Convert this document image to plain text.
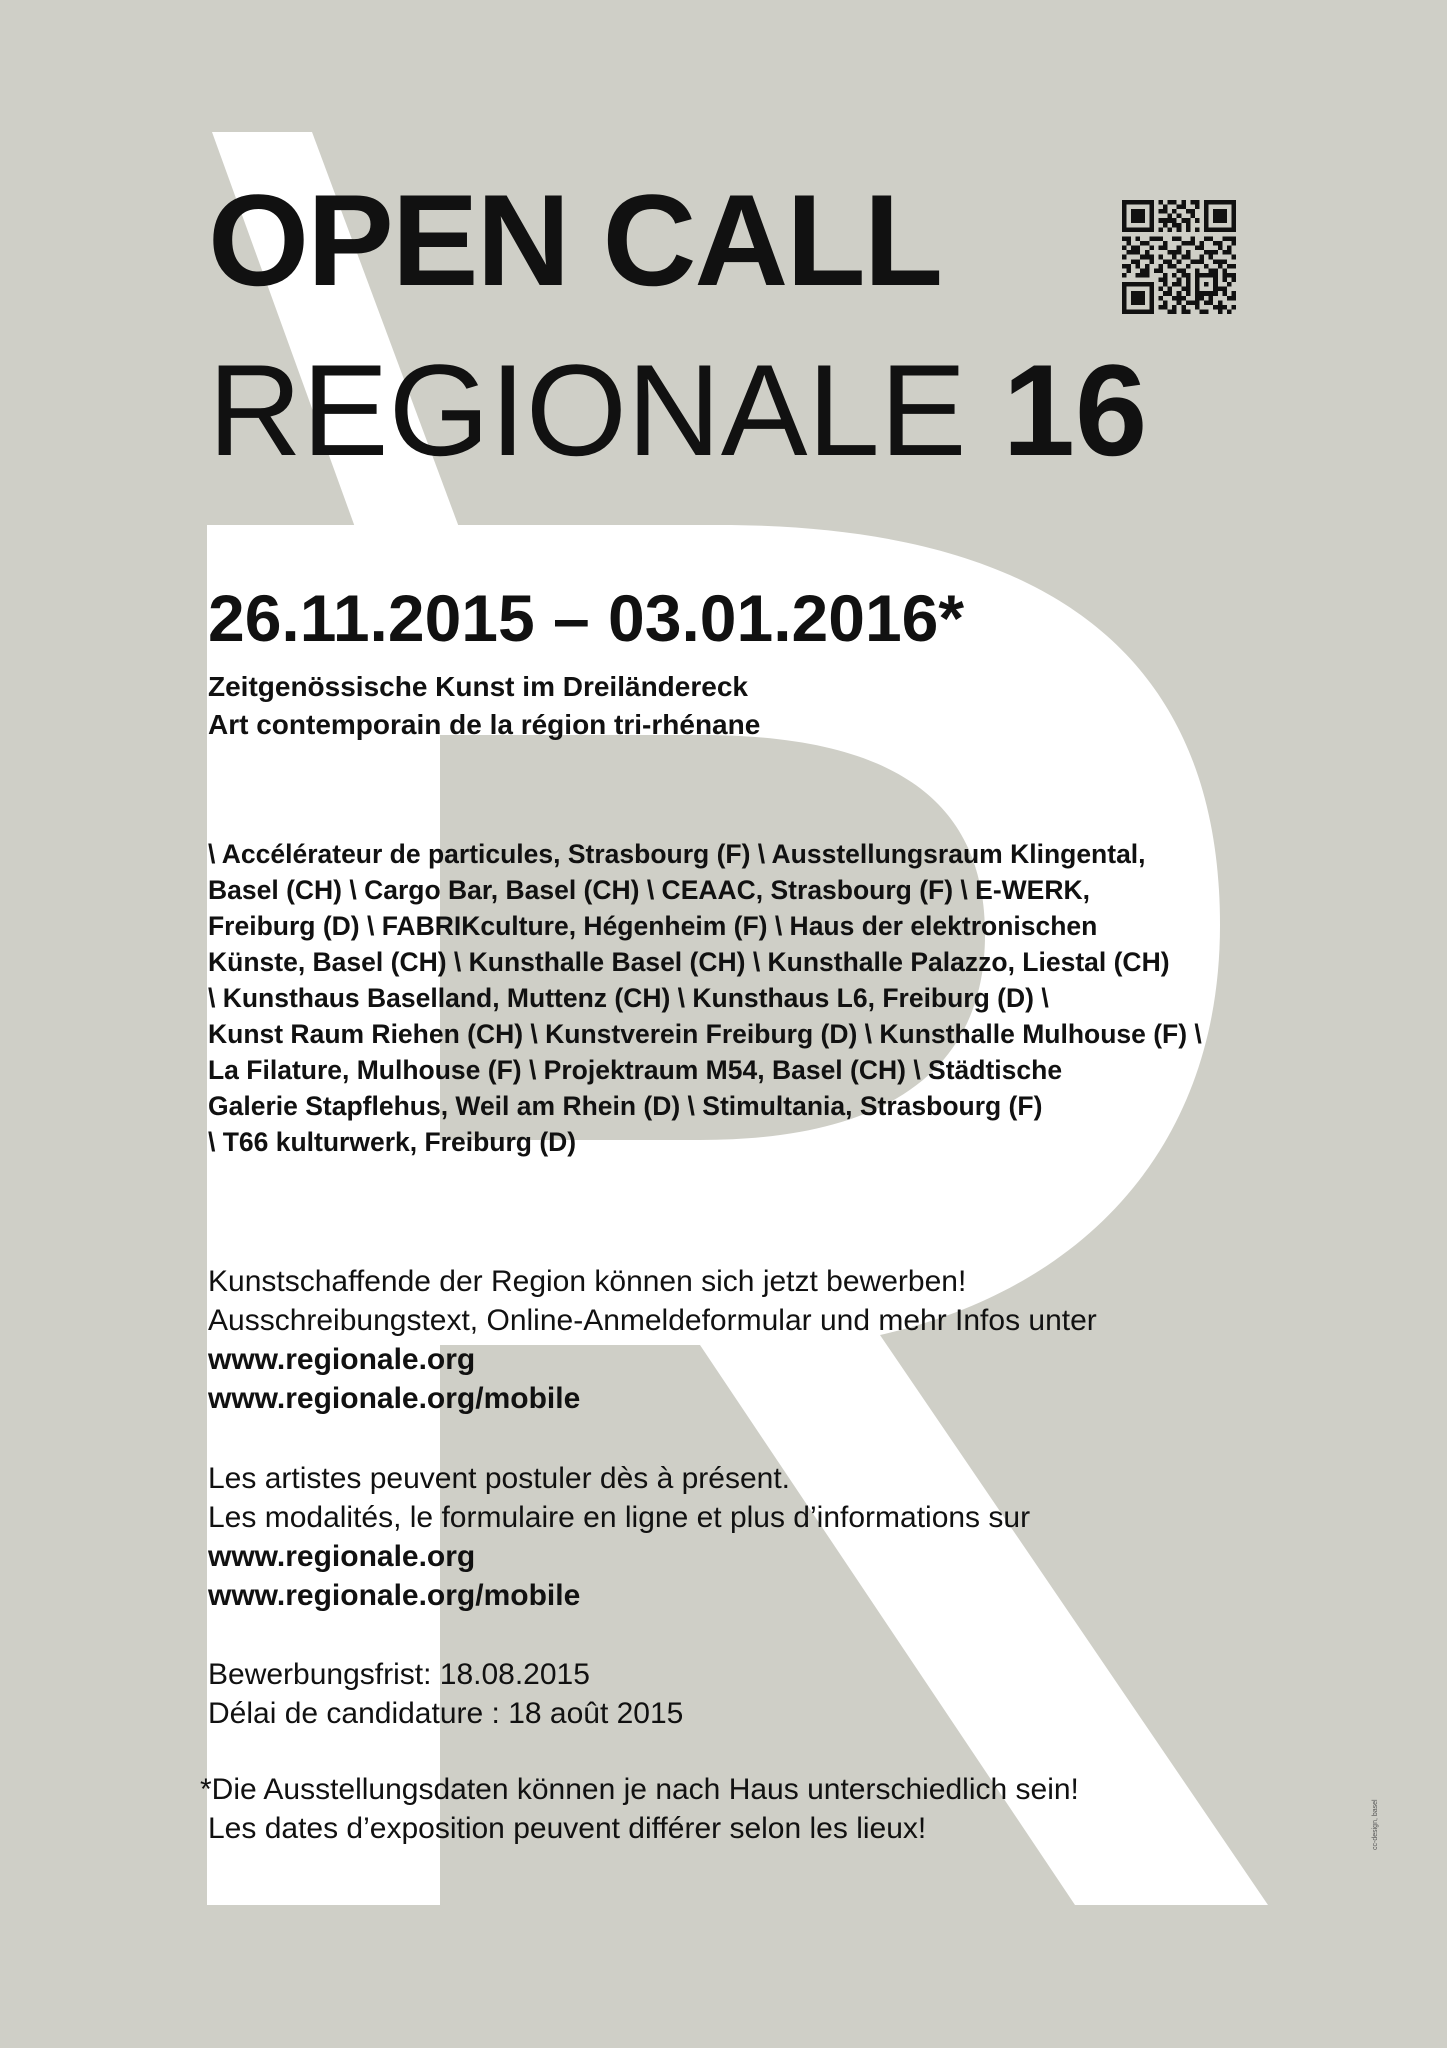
OPEN CALL
REGIONALE 16
26.11.2015 – 03.01.2016*
Zeitgenössische Kunst im Dreiländereck
Art contemporain de la région tri-rhénane

\ Accélérateur de particules, Strasbourg (F) \ Ausstellungsraum Klingental,

Basel (CH) \ Cargo Bar, Basel (CH) \ CEAAC, Strasbourg (F) \ E-WERK,

Freiburg (D) \ FABRIKculture, Hégenheim (F) \ Haus der elektronischen

Künste, Basel (CH) \ Kunsthalle Basel (CH) \ Kunsthalle Palazzo, Liestal (CH)

\ Kunsthaus Baselland, Muttenz (CH) \ Kunsthaus L6, Freiburg (D) \

Kunst Raum Riehen (CH) \ Kunstverein Freiburg (D) \ Kunsthalle Mulhouse (F) \

La Filature, Mulhouse (F) \ Projektraum M54, Basel (CH) \ Städtische

Galerie Stapflehus, Weil am Rhein (D) \ Stimultania, Strasbourg (F)

\ T66 kulturwerk, Freiburg (D)

Kunstschaffende der Region können sich jetzt bewerben!

Ausschreibungstext, Online-Anmeldeformular und mehr Infos unter

www.regionale.org

www.regionale.org/mobile

Les artistes peuvent postuler dès à présent.

Les modalités, le formulaire en ligne et plus d’informations sur

www.regionale.org

www.regionale.org/mobile

Bewerbungsfrist: 18.08.2015

Délai de candidature : 18 août 2015

*Die Ausstellungsdaten können je nach Haus unterschiedlich sein!

Les dates d’exposition peuvent différer selon les lieux!	cc-design, basel
